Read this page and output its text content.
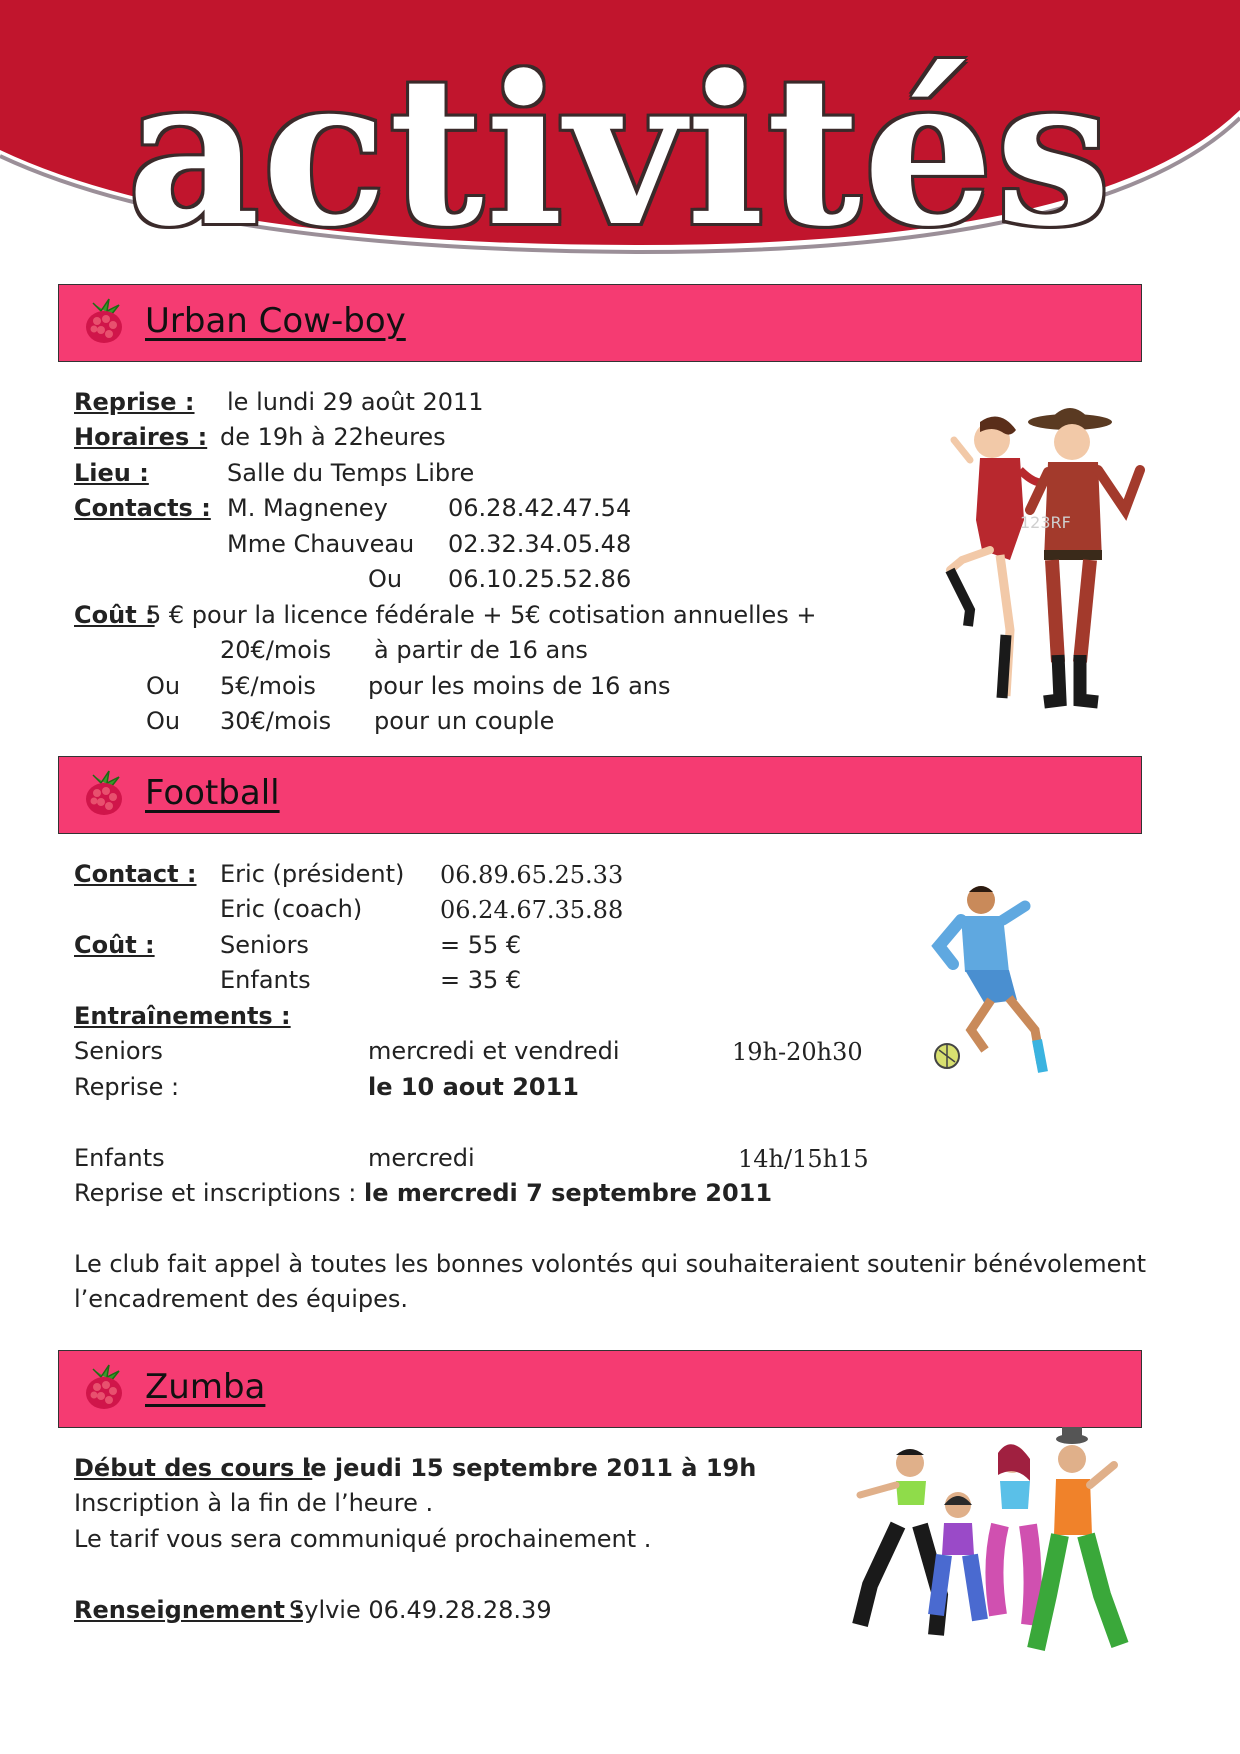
activités
Urban Cow-boy
Reprise : le lundi 29 août 2011
Horaires : de 19h à 22heures
Lieu :	Salle du Temps Libre
Contacts : M. Magneney	06.28.42.47.54
Mme Chauveau 02.32.34.05.48
Ou 06.10.25.52.86
Coût :
5 € pour la licence fédérale + 5€ cotisation annuelles +
20€/mois à partir de 16 ans
Ou 5€/mois pour les moins de 16 ans
Ou 30€/mois pour un couple
123RF
Football
Contact : Eric (président) 06.89.65.25.33
Eric (coach)	06.24.67.35.88
Coût :	Seniors	= 55 €
Enfants	= 35 €
Entraînements :
Seniors	mercredi et vendredi	19h-20h30
Reprise :	le 10 aout 2011
Enfants	mercredi	14h/15h15
Reprise et inscriptions : le mercredi 7 septembre 2011
Le club fait appel à toutes les bonnes volontés qui souhaiteraient soutenir bénévolement
l’encadrement des équipes.
Zumba
Début des cours :
le jeudi 15 septembre 2011 à 19h
Inscription à la fin de l’heure .
Le tarif vous sera communiqué prochainement .
Renseignement :
Sylvie 06.49.28.28.39
